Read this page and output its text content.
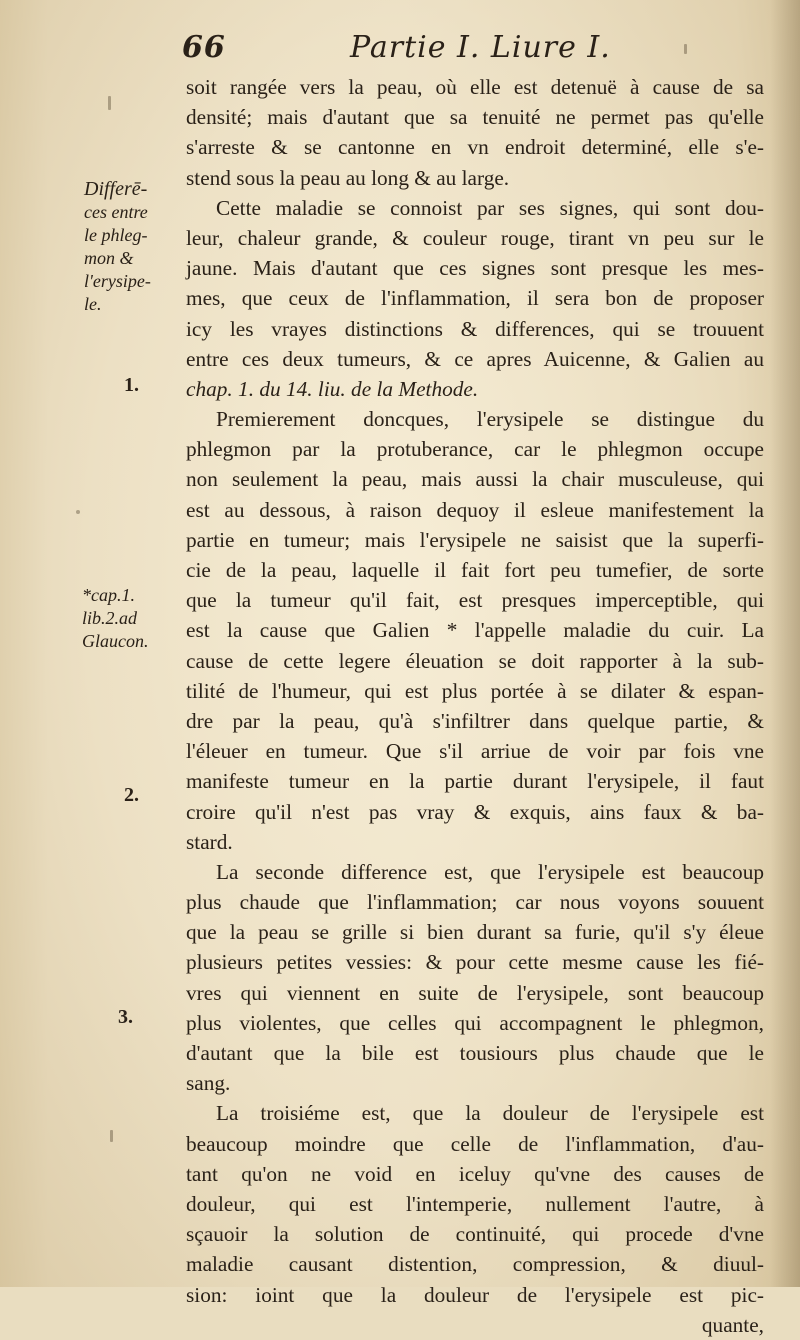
66	Partie I. Liure I.
Differē-
ces entre
le phleg-
mon &
l'erysipe-
le.
*cap.1.
lib.2.ad
Glaucon.
1.
2.
3.
soit rangée vers la peau, où elle est detenuë à cause de sa
densité; mais d'autant que sa tenuité ne permet pas qu'elle
s'arreste & se cantonne en vn endroit determiné, elle s'e-
stend sous la peau au long & au large.
Cette maladie se connoist par ses signes, qui sont dou-
leur, chaleur grande, & couleur rouge, tirant vn peu sur le
jaune. Mais d'autant que ces signes sont presque les mes-
mes, que ceux de l'inflammation, il sera bon de proposer
icy les vrayes distinctions & differences, qui se trouuent
entre ces deux tumeurs, & ce apres Auicenne, & Galien au
chap. 1. du 14. liu. de la Methode.
Premierement doncques, l'erysipele se distingue du
phlegmon par la protuberance, car le phlegmon occupe
non seulement la peau, mais aussi la chair musculeuse, qui
est au dessous, à raison dequoy il esleue manifestement la
partie en tumeur; mais l'erysipele ne saisist que la superfi-
cie de la peau, laquelle il fait fort peu tumefier, de sorte
que la tumeur qu'il fait, est presques imperceptible, qui
est la cause que Galien * l'appelle maladie du cuir. La
cause de cette legere éleuation se doit rapporter à la sub-
tilité de l'humeur, qui est plus portée à se dilater & espan-
dre par la peau, qu'à s'infiltrer dans quelque partie, &
l'éleuer en tumeur. Que s'il arriue de voir par fois vne
manifeste tumeur en la partie durant l'erysipele, il faut
croire qu'il n'est pas vray & exquis, ains faux & ba-
stard.
La seconde difference est, que l'erysipele est beaucoup
plus chaude que l'inflammation; car nous voyons souuent
que la peau se grille si bien durant sa furie, qu'il s'y éleue
plusieurs petites vessies: & pour cette mesme cause les fié-
vres qui viennent en suite de l'erysipele, sont beaucoup
plus violentes, que celles qui accompagnent le phlegmon,
d'autant que la bile est tousiours plus chaude que le
sang.
La troisiéme est, que la douleur de l'erysipele est
beaucoup moindre que celle de l'inflammation, d'au-
tant qu'on ne void en iceluy qu'vne des causes de
douleur, qui est l'intemperie, nullement l'autre, à
sçauoir la solution de continuité, qui procede d'vne
maladie causant distention, compression, & diuul-
sion: ioint que la douleur de l'erysipele est pic-
quante,
